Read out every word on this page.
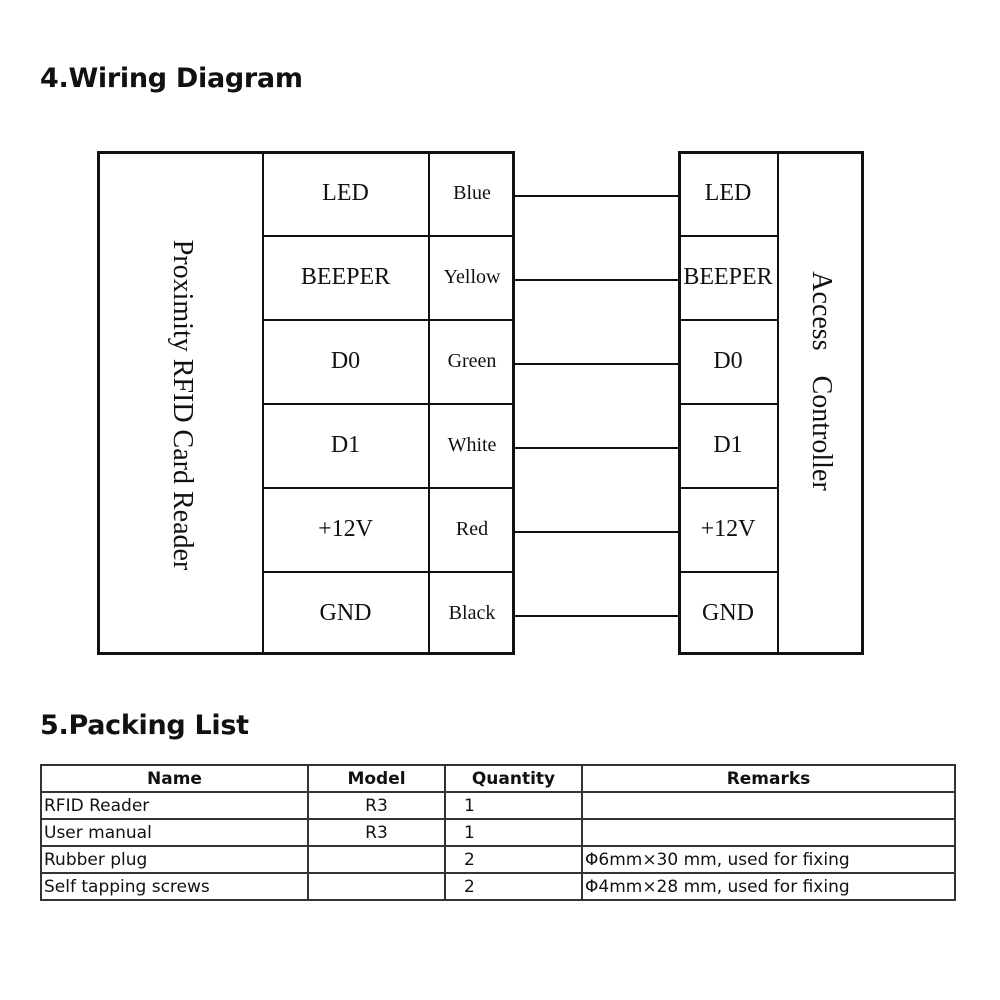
4.Wiring Diagram
Proximity RFID Card Reader	Access Controller
LED	Blue	LED
BEEPER	Yellow	BEEPER
D0	Green	D0
D1	White	D1
+12V	Red	+12V
GND	Black	GND
5.Packing List
Name	Model	Quantity	Remarks
RFID Reader	R3	1	
User manual	R3	1	
Rubber plug		2	Φ6mm×30 mm, used for fixing
Self tapping screws		2	Φ4mm×28 mm, used for fixing
